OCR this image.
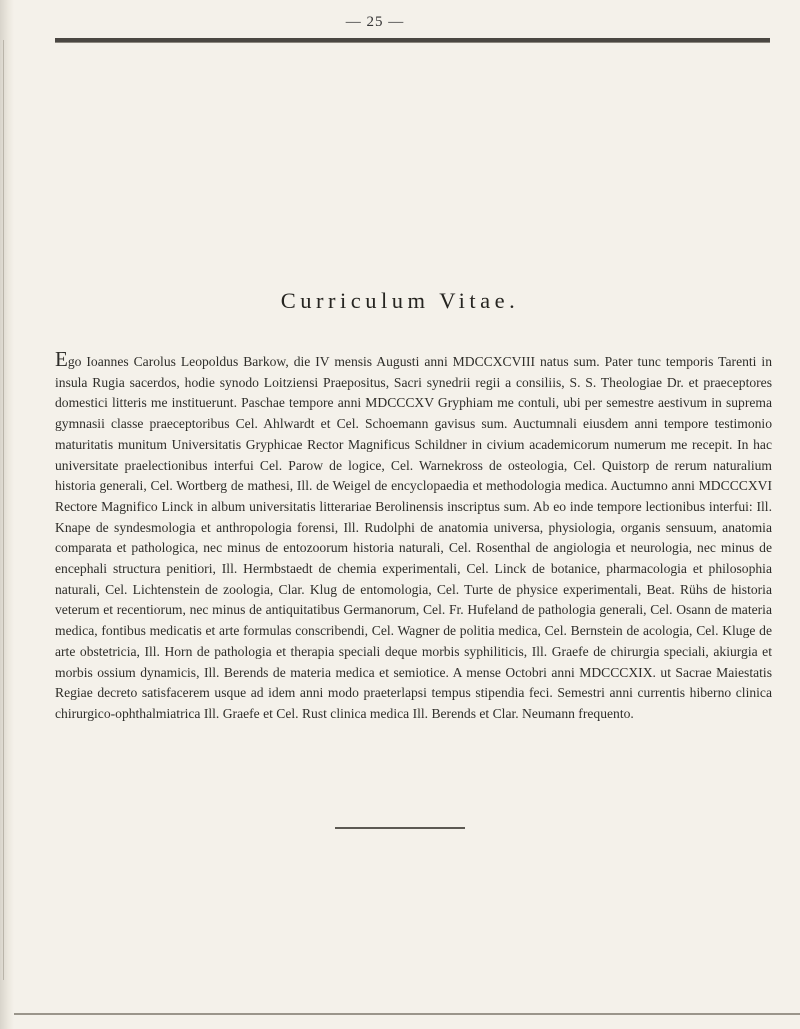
— 25 —
Curriculum Vitae.
Ego Ioannes Carolus Leopoldus Barkow, die IV mensis Augusti anni MDCCXCVIII natus sum. Pater tunc temporis Tarenti in insula Rugia sacerdos, hodie synodo Loitziensi Praepositus, Sacri synedrii regii a consiliis, S. S. Theologiae Dr. et praeceptores domestici litteris me instituerunt. Paschae tempore anni MDCCCXV Gryphiam me contuli, ubi per semestre aestivum in suprema gymnasii classe praeceptoribus Cel. Ahlwardt et Cel. Schoemann gavisus sum. Auctumnali eiusdem anni tempore testimonio maturitatis munitum Universitatis Gryphicae Rector Magnificus Schildner in civium academicorum numerum me recepit. In hac universitate praelectionibus interfui Cel. Parow de logice, Cel. Warnekross de osteologia, Cel. Quistorp de rerum naturalium historia generali, Cel. Wortberg de mathesi, Ill. de Weigel de encyclopaedia et methodologia medica. Auctumno anni MDCCCXVI Rectore Magnifico Linck in album universitatis litterariae Berolinensis inscriptus sum. Ab eo inde tempore lectionibus interfui: Ill. Knape de syndesmologia et anthropologia forensi, Ill. Rudolphi de anatomia universa, physiologia, organis sensuum, anatomia comparata et pathologica, nec minus de entozoorum historia naturali, Cel. Rosenthal de angiologia et neurologia, nec minus de encephali structura penitiori, Ill. Hermbstaedt de chemia experimentali, Cel. Linck de botanice, pharmacologia et philosophia naturali, Cel. Lichtenstein de zoologia, Clar. Klug de entomologia, Cel. Turte de physice experimentali, Beat. Rühs de historia veterum et recentiorum, nec minus de antiquitatibus Germanorum, Cel. Fr. Hufeland de pathologia generali, Cel. Osann de materia medica, fontibus medicatis et arte formulas conscribendi, Cel. Wagner de politia medica, Cel. Bernstein de acologia, Cel. Kluge de arte obstetricia, Ill. Horn de pathologia et therapia speciali deque morbis syphiliticis, Ill. Graefe de chirurgia speciali, akiurgia et morbis ossium dynamicis, Ill. Berends de materia medica et semiotice. A mense Octobri anni MDCCCXIX. ut Sacrae Maiestatis Regiae decreto satisfacerem usque ad idem anni modo praeterlapsi tempus stipendia feci. Semestri anni currentis hiberno clinica chirurgico-ophthalmiatrica Ill. Graefe et Cel. Rust clinica medica Ill. Berends et Clar. Neumann frequento.
